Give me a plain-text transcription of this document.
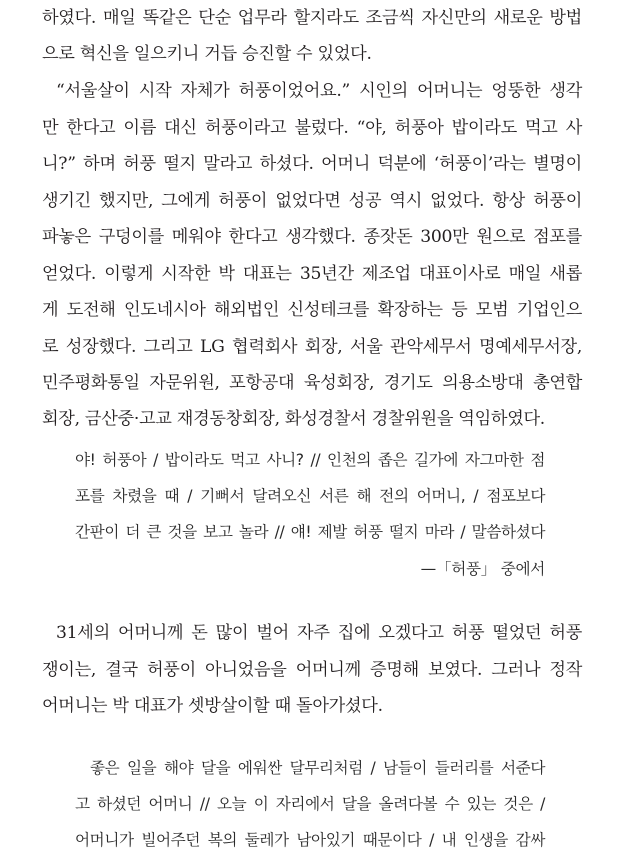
하였다. 매일 똑같은 단순 업무라 할지라도 조금씩 자신만의 새로운 방법
으로 혁신을 일으키니 거듭 승진할 수 있었다.
“서울살이 시작 자체가 허풍이었어요.” 시인의 어머니는 엉뚱한 생각
만 한다고 이름 대신 허풍이라고 불렀다. “야, 허풍아 밥이라도 먹고 사
니?” 하며 허풍 떨지 말라고 하셨다. 어머니 덕분에 ‘허풍이’라는 별명이
생기긴 했지만, 그에게 허풍이 없었다면 성공 역시 없었다. 항상 허풍이
파놓은 구덩이를 메워야 한다고 생각했다. 종잣돈 300만 원으로 점포를
얻었다. 이렇게 시작한 박 대표는 35년간 제조업 대표이사로 매일 새롭
게 도전해 인도네시아 해외법인 신성테크를 확장하는 등 모범 기업인으
로 성장했다. 그리고 LG 협력회사 회장, 서울 관악세무서 명예세무서장,
민주평화통일 자문위원, 포항공대 육성회장, 경기도 의용소방대 총연합
회장, 금산중·고교 재경동창회장, 화성경찰서 경찰위원을 역임하였다.
야! 허풍아 / 밥이라도 먹고 사니? // 인천의 좁은 길가에 자그마한 점
포를 차렸을 때 / 기뻐서 달려오신 서른 해 전의 어머니, / 점포보다
간판이 더 큰 것을 보고 놀라 // 얘! 제발 허풍 떨지 마라 / 말씀하셨다
—「허풍」 중에서
31세의 어머니께 돈 많이 벌어 자주 집에 오겠다고 허풍 떨었던 허풍
쟁이는, 결국 허풍이 아니었음을 어머니께 증명해 보였다. 그러나 정작
어머니는 박 대표가 셋방살이할 때 돌아가셨다.
좋은 일을 해야 달을 에워싼 달무리처럼 / 남들이 들러리를 서준다
고 하셨던 어머니 // 오늘 이 자리에서 달을 올려다볼 수 있는 것은 /
어머니가 빌어주던 복의 둘레가 남아있기 때문이다 / 내 인생을 감싸
